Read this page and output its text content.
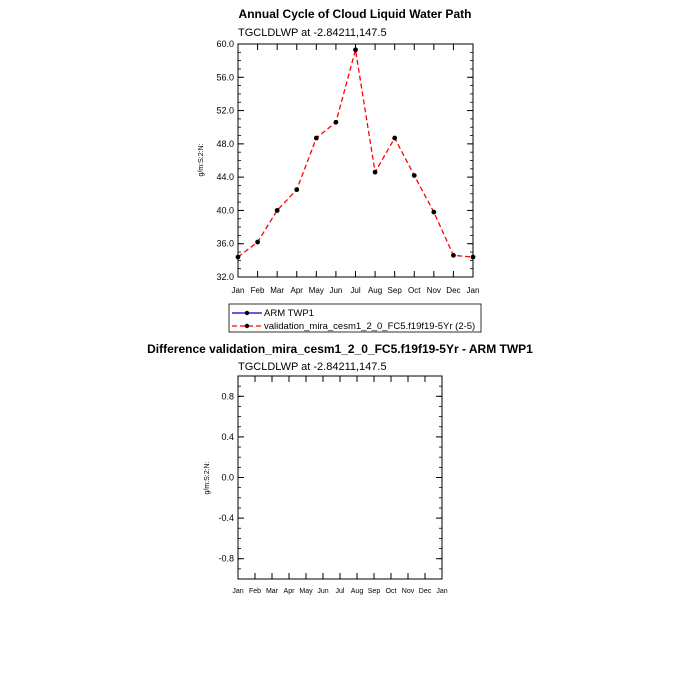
Annual Cycle of Cloud Liquid Water Path
TGCLDLWP at -2.84211,147.5
g/m:S:2:N:
Jan Feb Mar Apr May Jun Jul Aug Sep Oct Nov Dec Jan
32.0
36.0
40.0
44.0
48.0
52.0
56.0
60.0
ARM TWP1
validation_mira_cesm1_2_0_FC5.f19f19-5Yr (2-5)
Difference validation_mira_cesm1_2_0_FC5.f19f19-5Yr - ARM TWP1
TGCLDLWP at -2.84211,147.5
g/m:S:2:N:
Jan Feb Mar Apr May Jun Jul Aug Sep Oct Nov Dec Jan
-0.8
-0.4
0.0
0.4
0.8
